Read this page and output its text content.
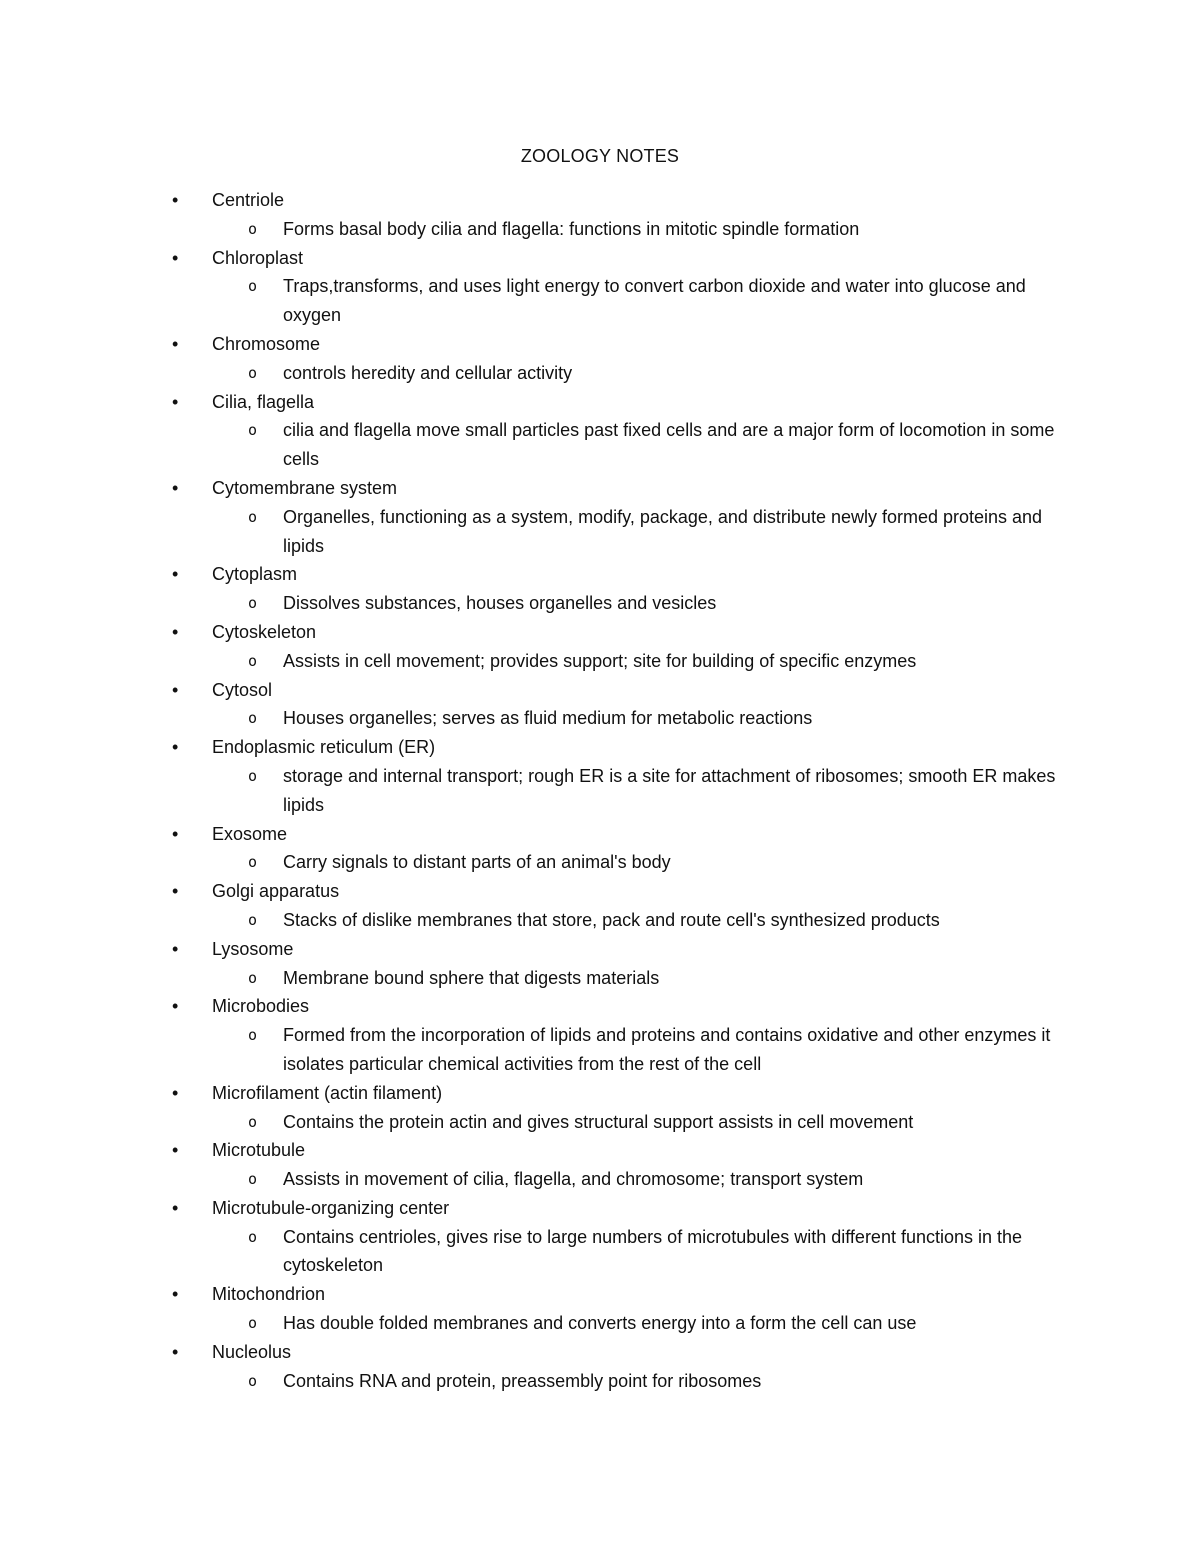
ZOOLOGY NOTES
• Centriole
o Forms basal body cilia and flagella: functions in mitotic spindle formation
• Chloroplast
o Traps,transforms, and uses light energy to convert carbon dioxide and water into glucose and oxygen
• Chromosome
o controls heredity and cellular activity
• Cilia, flagella
o cilia and flagella move small particles past fixed cells and are a major form of locomotion in some cells
• Cytomembrane system
o Organelles, functioning as a system, modify, package, and distribute newly formed proteins and lipids
• Cytoplasm
o Dissolves substances, houses organelles and vesicles
• Cytoskeleton
o Assists in cell movement; provides support; site for building of specific enzymes
• Cytosol
o Houses organelles; serves as fluid medium for metabolic reactions
• Endoplasmic reticulum (ER)
o storage and internal transport; rough ER is a site for attachment of ribosomes; smooth ER makes lipids
• Exosome
o Carry signals to distant parts of an animal's body
• Golgi apparatus
o Stacks of dislike membranes that store, pack and route cell's synthesized products
• Lysosome
o Membrane bound sphere that digests materials
• Microbodies
o Formed from the incorporation of lipids and proteins and contains oxidative and other enzymes it isolates particular chemical activities from the rest of the cell
• Microfilament (actin filament)
o Contains the protein actin and gives structural support assists in cell movement
• Microtubule
o Assists in movement of cilia, flagella, and chromosome; transport system
• Microtubule-organizing center
o Contains centrioles, gives rise to large numbers of microtubules with different functions in the cytoskeleton
• Mitochondrion
o Has double folded membranes and converts energy into a form the cell can use
• Nucleolus
o Contains RNA and protein, preassembly point for ribosomes
